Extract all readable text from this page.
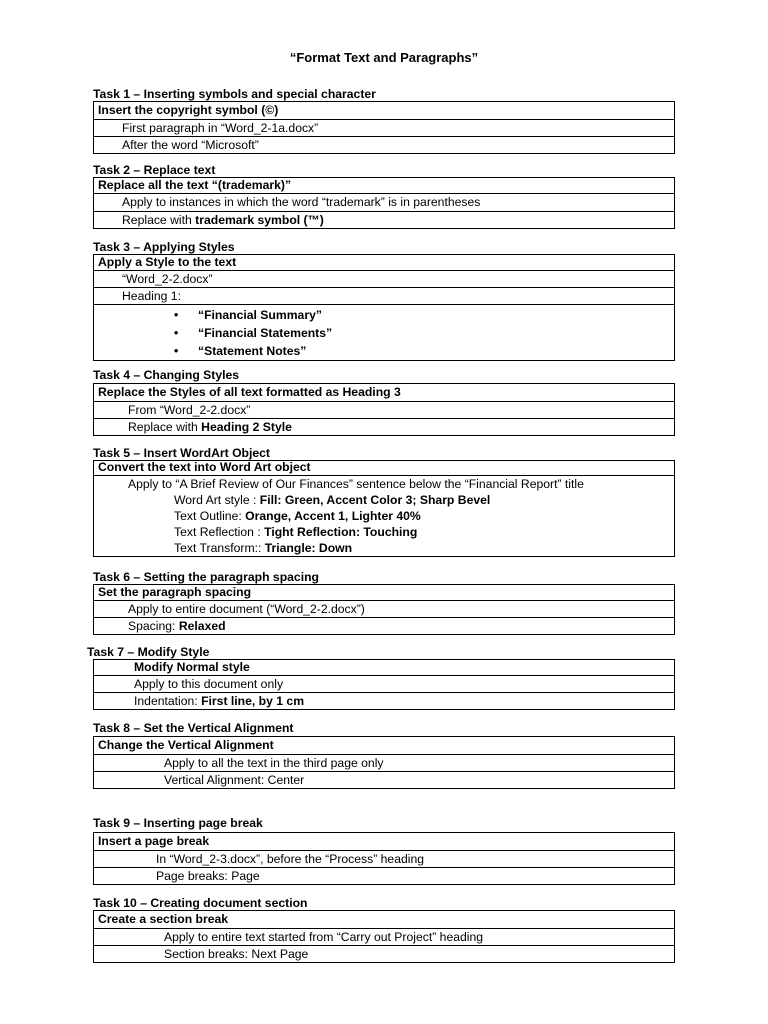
“Format Text and Paragraphs”

Task 1 – Inserting symbols and special character

Insert the copyright symbol (©)
First paragraph in “Word_2-1a.docx”
After the word “Microsoft”

Task 2 – Replace text

Replace all the text “(trademark)”
Apply to instances in which the word “trademark” is in parentheses
Replace with trademark symbol (™)

Task 3 – Applying Styles

Apply a Style to the text
“Word_2-2.docx”
Heading 1:
• “Financial Summary”
• “Financial Statements”
• “Statement Notes”

Task 4 – Changing Styles

Replace the Styles of all text formatted as Heading 3
From “Word_2-2.docx”
Replace with Heading 2 Style

Task 5 – Insert WordArt Object

Convert the text into Word Art object
Apply to “A Brief Review of Our Finances” sentence below the “Financial Report” title
Word Art style : Fill: Green, Accent Color 3; Sharp Bevel
Text Outline: Orange, Accent 1, Lighter 40%
Text Reflection : Tight Reflection: Touching
Text Transform:: Triangle: Down

Task 6 – Setting the paragraph spacing

Set the paragraph spacing
Apply to entire document (“Word_2-2.docx”)
Spacing: Relaxed

Task 7 – Modify Style

Modify Normal style
Apply to this document only
Indentation: First line, by 1 cm

Task 8 – Set the Vertical Alignment

Change the Vertical Alignment
Apply to all the text in the third page only
Vertical Alignment: Center

Task 9 – Inserting page break

Insert a page break
In “Word_2-3.docx”, before the “Process” heading
Page breaks: Page

Task 10 – Creating document section

Create a section break
Apply to entire text started from “Carry out Project” heading
Section breaks: Next Page
